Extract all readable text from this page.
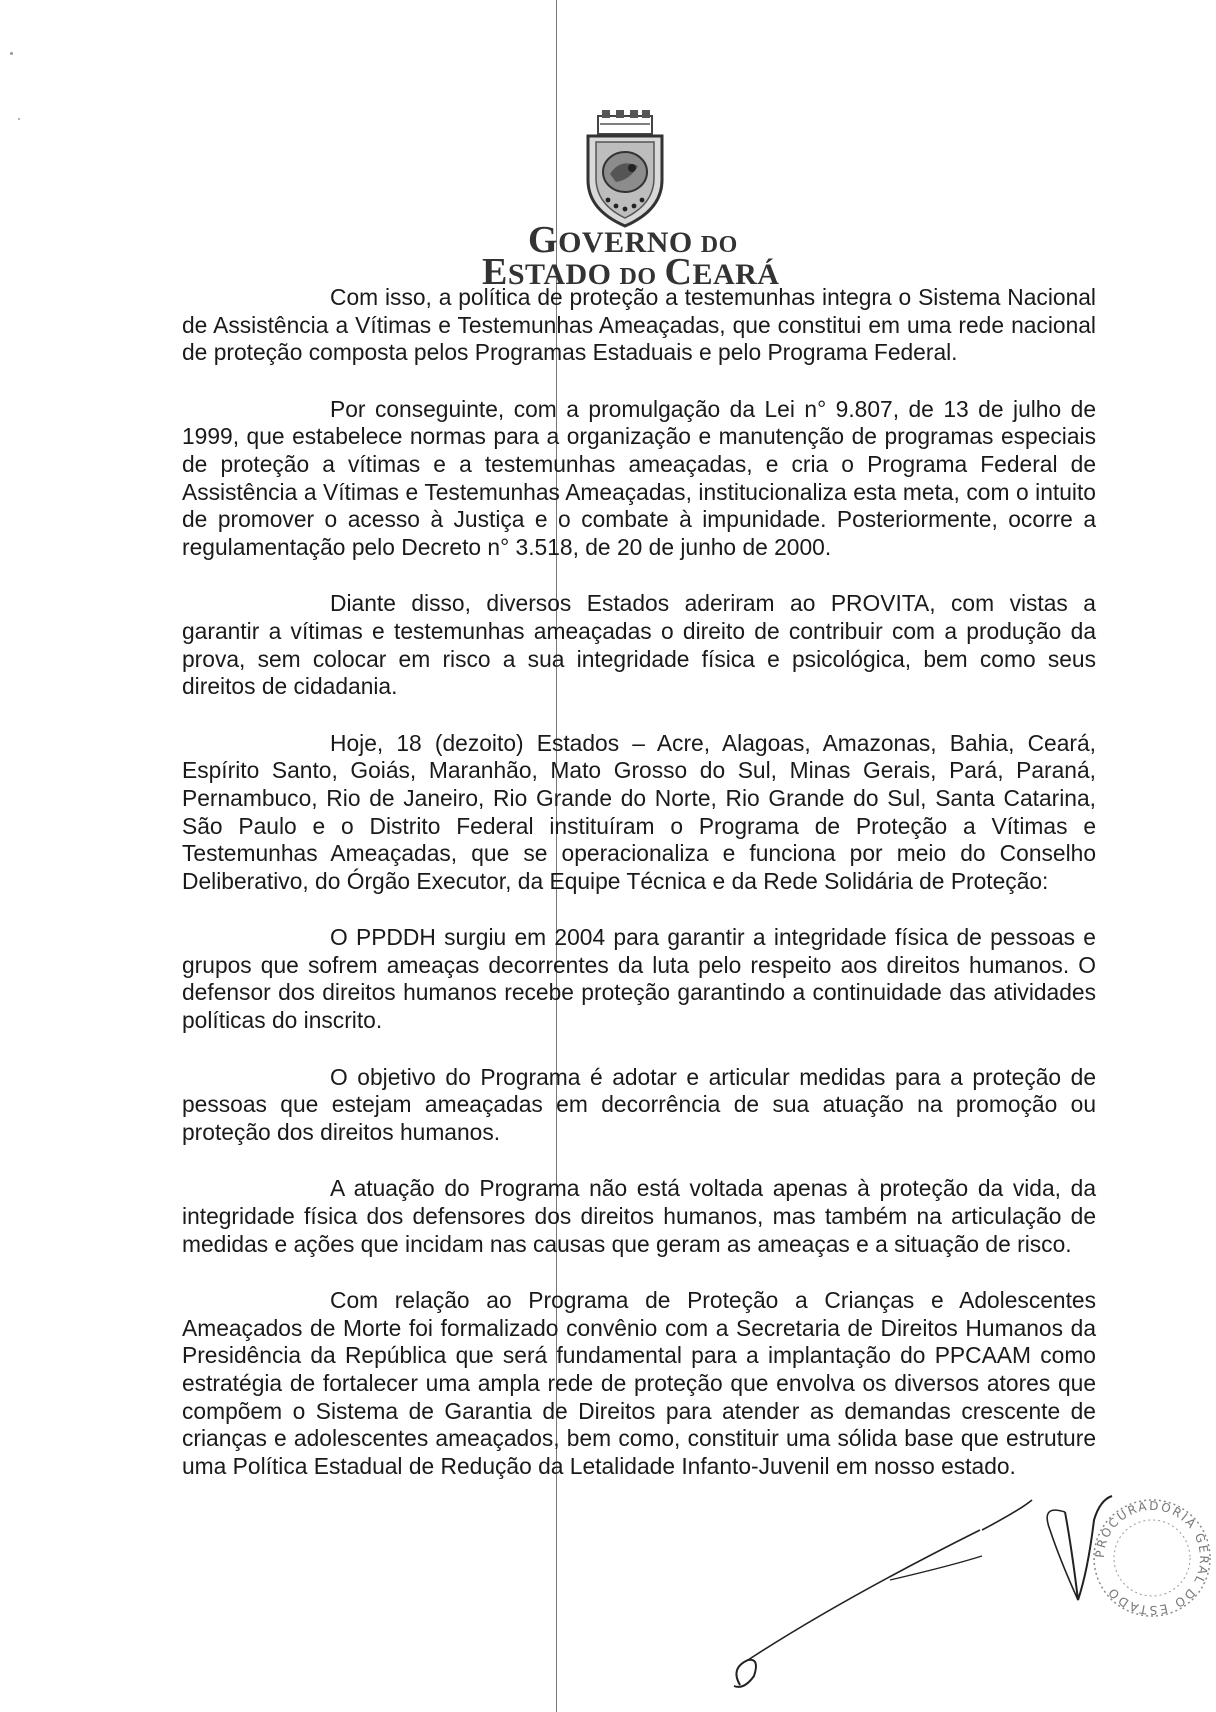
GOVERNO DO
ESTADO DO CEARÁ

Com isso, a política de proteção a testemunhas integra o Sistema Nacional de Assistência a Vítimas e Testemunhas Ameaçadas, que constitui em uma rede nacional de proteção composta pelos Programas Estaduais e pelo Programa Federal.

Por conseguinte, com a promulgação da Lei n° 9.807, de 13 de julho de 1999, que estabelece normas para a organização e manutenção de programas especiais de proteção a vítimas e a testemunhas ameaçadas, e cria o Programa Federal de Assistência a Vítimas e Testemunhas Ameaçadas, institucionaliza esta meta, com o intuito de promover o acesso à Justiça e o combate à impunidade. Posteriormente, ocorre a regulamentação pelo Decreto n° 3.518, de 20 de junho de 2000.

Diante disso, diversos Estados aderiram ao PROVITA, com vistas a garantir a vítimas e testemunhas ameaçadas o direito de contribuir com a produção da prova, sem colocar em risco a sua integridade física e psicológica, bem como seus direitos de cidadania.

Hoje, 18 (dezoito) Estados – Acre, Alagoas, Amazonas, Bahia, Ceará, Espírito Santo, Goiás, Maranhão, Mato Grosso do Sul, Minas Gerais, Pará, Paraná, Pernambuco, Rio de Janeiro, Rio Grande do Norte, Rio Grande do Sul, Santa Catarina, São Paulo e o Distrito Federal instituíram o Programa de Proteção a Vítimas e Testemunhas Ameaçadas, que se operacionaliza e funciona por meio do Conselho Deliberativo, do Órgão Executor, da Equipe Técnica e da Rede Solidária de Proteção:

O PPDDH surgiu em 2004 para garantir a integridade física de pessoas e grupos que sofrem ameaças decorrentes da luta pelo respeito aos direitos humanos. O defensor dos direitos humanos recebe proteção garantindo a continuidade das atividades políticas do inscrito.

O objetivo do Programa é adotar e articular medidas para a proteção de pessoas que estejam ameaçadas em decorrência de sua atuação na promoção ou proteção dos direitos humanos.

A atuação do Programa não está voltada apenas à proteção da vida, da integridade física dos defensores dos direitos humanos, mas também na articulação de medidas e ações que incidam nas causas que geram as ameaças e a situação de risco.

Com relação ao Programa de Proteção a Crianças e Adolescentes Ameaçados de Morte foi formalizado convênio com a Secretaria de Direitos Humanos da Presidência da República que será fundamental para a implantação do PPCAAM como estratégia de fortalecer uma ampla rede de proteção que envolva os diversos atores que compõem o Sistema de Garantia de Direitos para atender as demandas crescente de crianças e adolescentes ameaçados, bem como, constituir uma sólida base que estruture uma Política Estadual de Redução da Letalidade Infanto-Juvenil em nosso estado.

PROCURADORIA GERAL DO ESTADO
